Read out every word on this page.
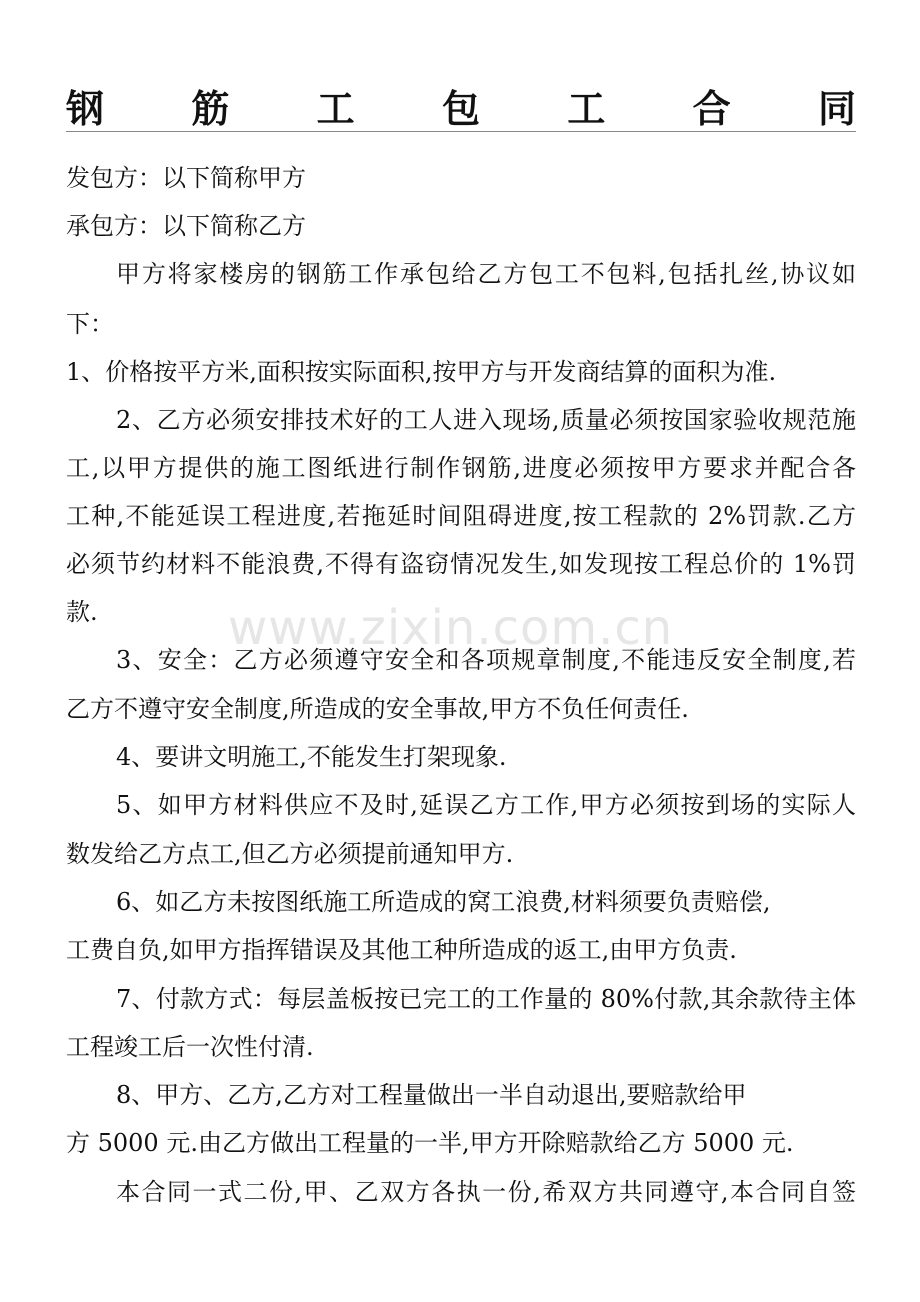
钢 筋 工 包 工 合 同
www.zixin.com.cn
发包方：以下简称甲方
承包方：以下简称乙方
甲方将家楼房的钢筋工作承包给乙方包工不包料,包括扎丝,协议如
下：
1、价格按平方米,面积按实际面积,按甲方与开发商结算的面积为准.
2、乙方必须安排技术好的工人进入现场,质量必须按国家验收规范施
工,以甲方提供的施工图纸进行制作钢筋,进度必须按甲方要求并配合各
工种,不能延误工程进度,若拖延时间阻碍进度,按工程款的 2%罚款.乙方
必须节约材料不能浪费,不得有盗窃情况发生,如发现按工程总价的 1%罚
款.
3、安全：乙方必须遵守安全和各项规章制度,不能违反安全制度,若
乙方不遵守安全制度,所造成的安全事故,甲方不负任何责任.
4、要讲文明施工,不能发生打架现象.
5、如甲方材料供应不及时,延误乙方工作,甲方必须按到场的实际人
数发给乙方点工,但乙方必须提前通知甲方.
6、如乙方未按图纸施工所造成的窝工浪费,材料须要负责赔偿,
工费自负,如甲方指挥错误及其他工种所造成的返工,由甲方负责.
7、付款方式：每层盖板按已完工的工作量的 80%付款,其余款待主体
工程竣工后一次性付清.
8、甲方、乙方,乙方对工程量做出一半自动退出,要赔款给甲
方 5000 元.由乙方做出工程量的一半,甲方开除赔款给乙方 5000 元.
本合同一式二份,甲、乙双方各执一份,希双方共同遵守,本合同自签
